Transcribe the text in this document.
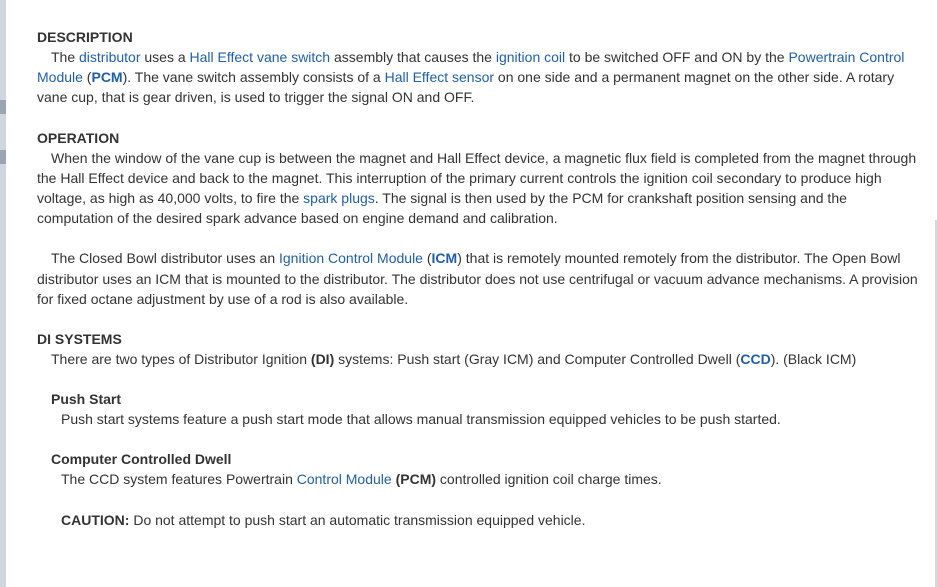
DESCRIPTION

The distributor uses a Hall Effect vane switch assembly that causes the ignition coil to be switched OFF and ON by the Powertrain Control Module (PCM). The vane switch assembly consists of a Hall Effect sensor on one side and a permanent magnet on the other side. A rotary vane cup, that is gear driven, is used to trigger the signal ON and OFF.

OPERATION

When the window of the vane cup is between the magnet and Hall Effect device, a magnetic flux field is completed from the magnet through the Hall Effect device and back to the magnet. This interruption of the primary current controls the ignition coil secondary to produce high voltage, as high as 40,000 volts, to fire the spark plugs. The signal is then used by the PCM for crankshaft position sensing and the computation of the desired spark advance based on engine demand and calibration.

The Closed Bowl distributor uses an Ignition Control Module (ICM) that is remotely mounted remotely from the distributor. The Open Bowl distributor uses an ICM that is mounted to the distributor. The distributor does not use centrifugal or vacuum advance mechanisms. A provision for fixed octane adjustment by use of a rod is also available.

DI SYSTEMS

There are two types of Distributor Ignition (DI) systems: Push start (Gray ICM) and Computer Controlled Dwell (CCD). (Black ICM)

Push Start

Push start systems feature a push start mode that allows manual transmission equipped vehicles to be push started.

Computer Controlled Dwell

The CCD system features Powertrain Control Module (PCM) controlled ignition coil charge times.

CAUTION: Do not attempt to push start an automatic transmission equipped vehicle.
